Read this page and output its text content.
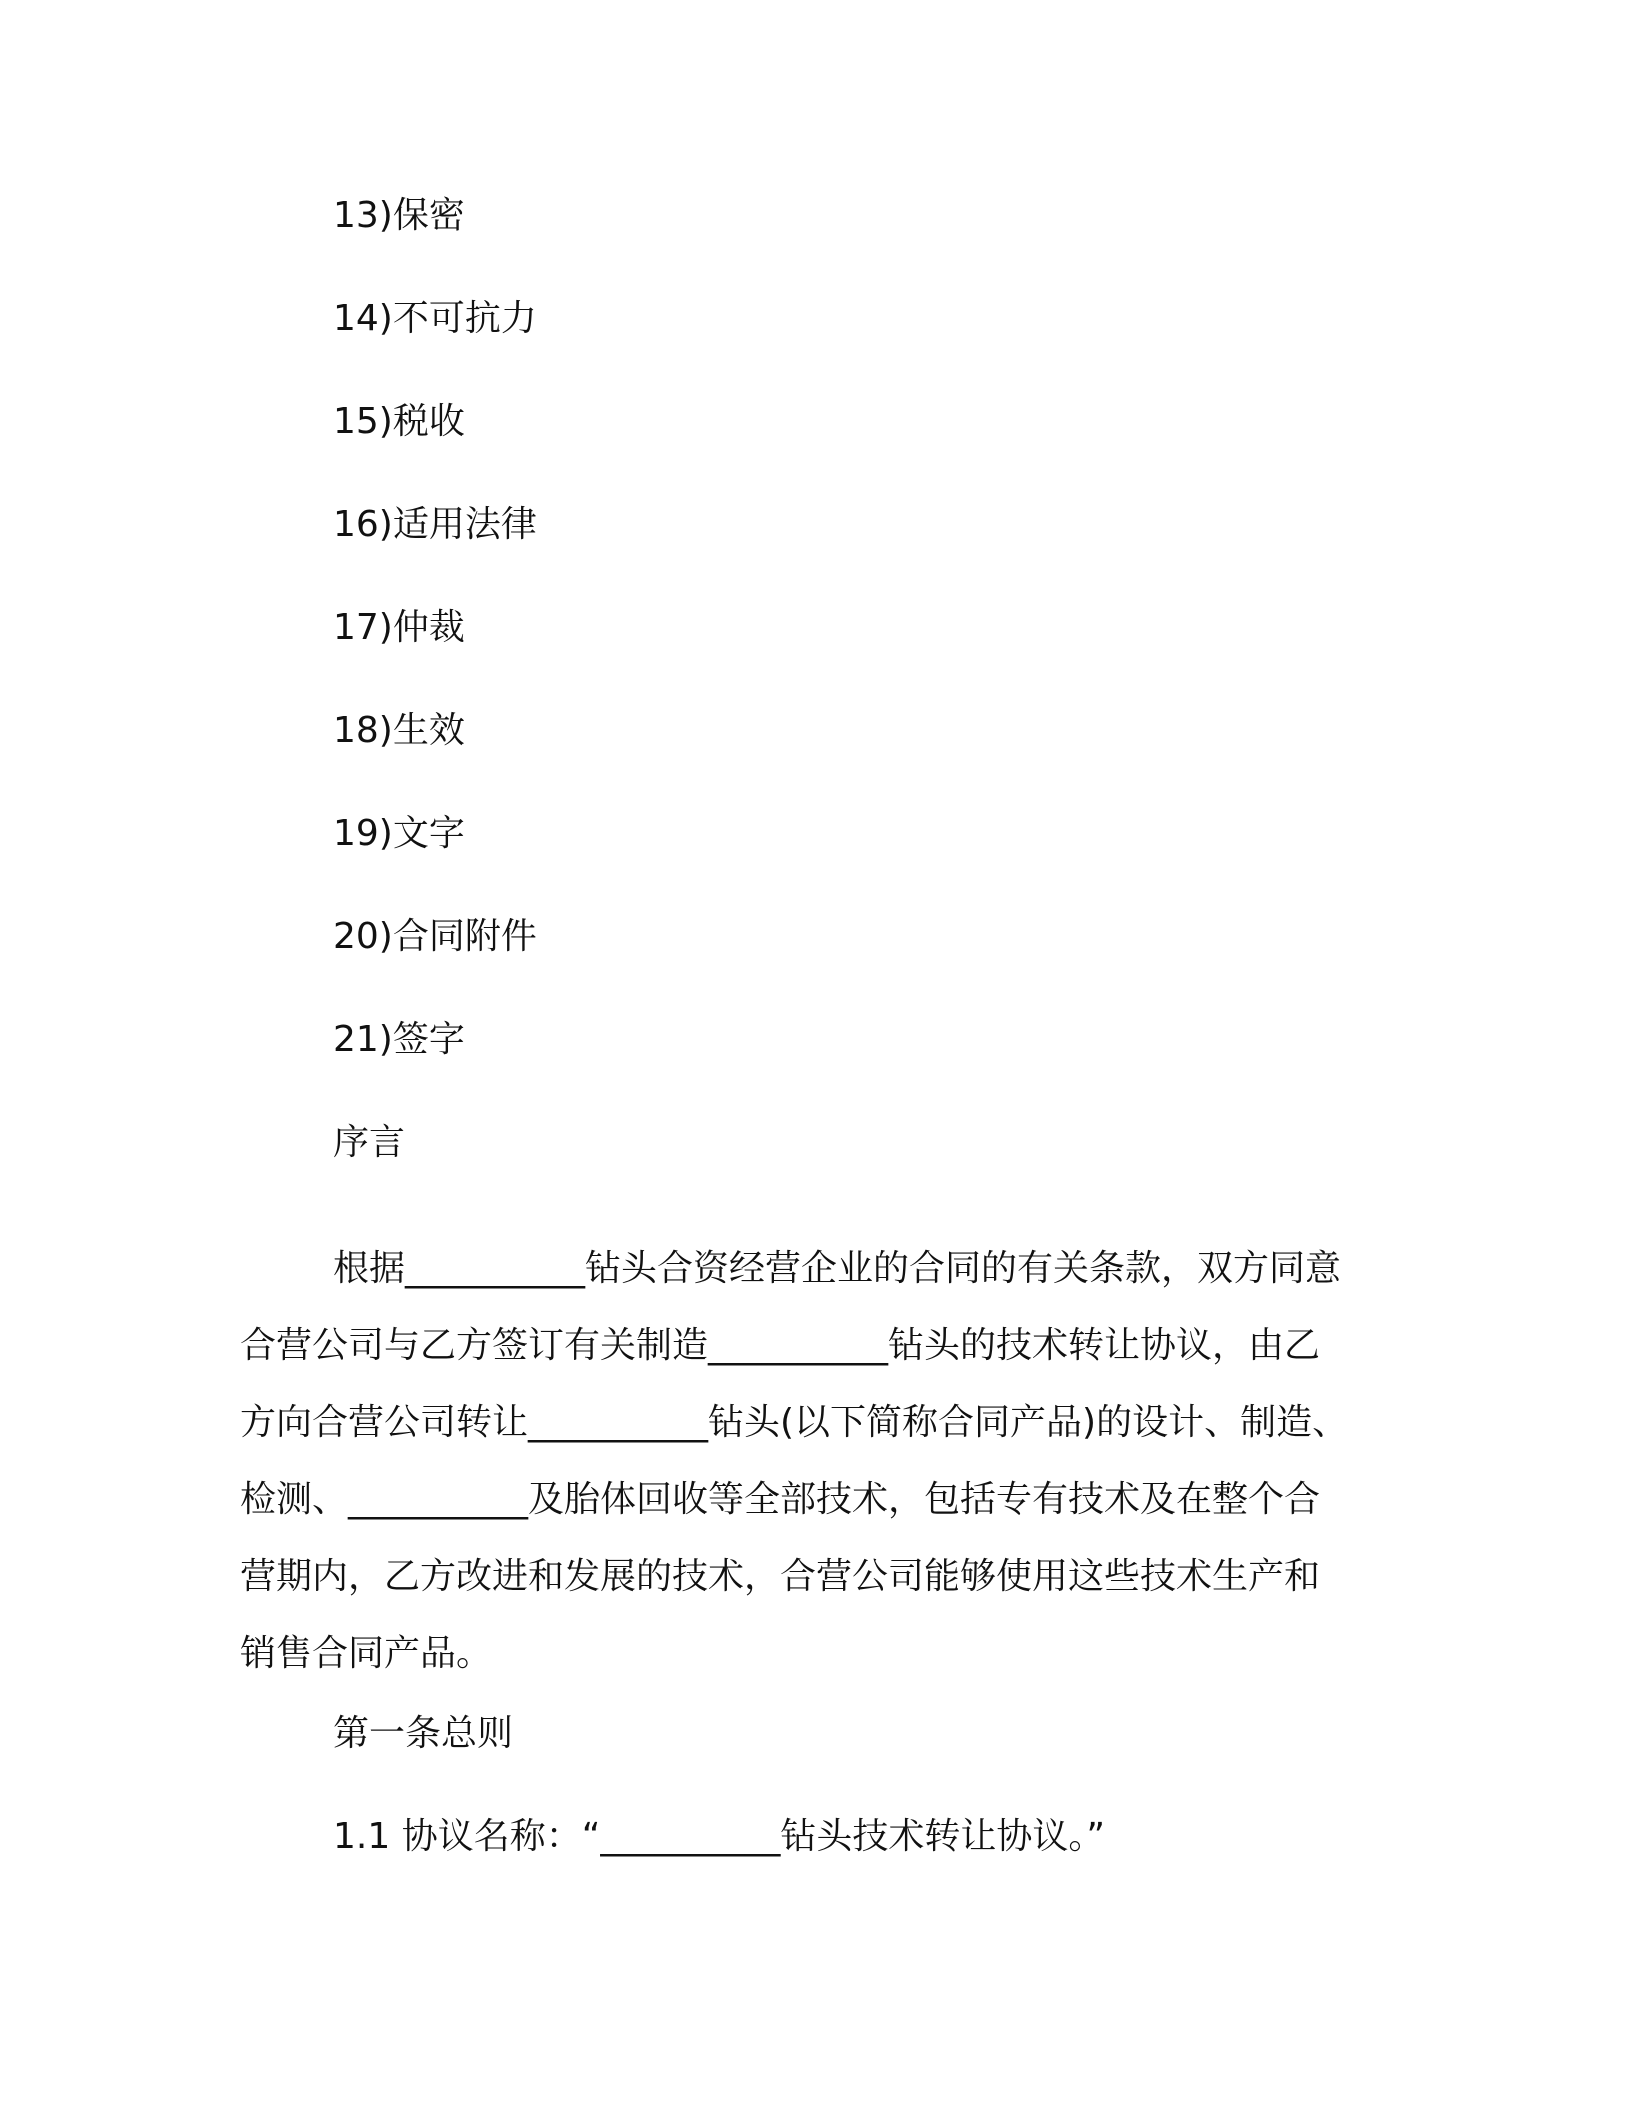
13)保密
14)不可抗力
15)税收
16)适用法律
17)仲裁
18)生效
19)文字
20)合同附件
21)签字
序言
根据__________钻头合资经营企业的合同的有关条款，双方同意
合营公司与乙方签订有关制造__________钻头的技术转让协议，由乙
方向合营公司转让__________钻头(以下简称合同产品)的设计、制造、
检测、__________及胎体回收等全部技术，包括专有技术及在整个合
营期内，乙方改进和发展的技术，合营公司能够使用这些技术生产和
销售合同产品。
第一条总则
1.1 协议名称：“__________钻头技术转让协议。”
